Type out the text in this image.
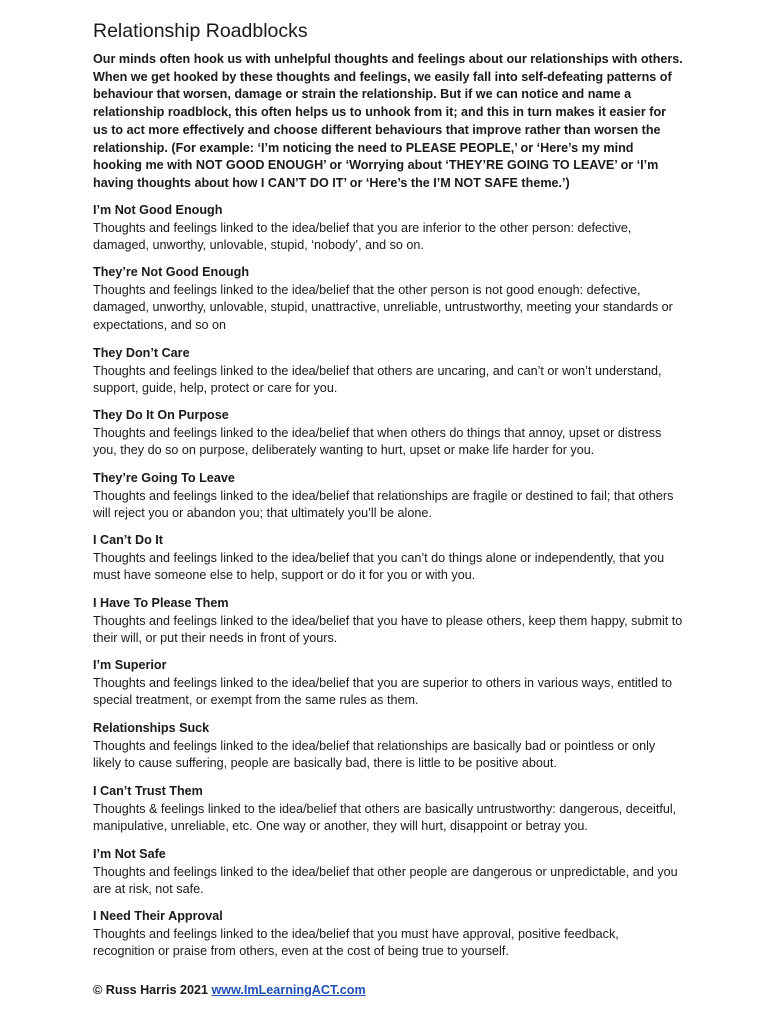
Relationship Roadblocks
Our minds often hook us with unhelpful thoughts and feelings about our relationships with others. When we get hooked by these thoughts and feelings, we easily fall into self-defeating patterns of behaviour that worsen, damage or strain the relationship. But if we can notice and name a relationship roadblock, this often helps us to unhook from it; and this in turn makes it easier for us to act more effectively and choose different behaviours that improve rather than worsen the relationship. (For example: ‘I’m noticing the need to PLEASE PEOPLE,’ or ‘Here’s my mind hooking me with NOT GOOD ENOUGH’ or ‘Worrying about ‘THEY’RE GOING TO LEAVE’ or ‘I’m having thoughts about how I CAN’T DO IT’ or ‘Here’s the I’M NOT SAFE theme.’)
I’m Not Good Enough
Thoughts and feelings linked to the idea/belief that you are inferior to the other person: defective, damaged, unworthy, unlovable, stupid, ‘nobody’, and so on.
They’re Not Good Enough
Thoughts and feelings linked to the idea/belief that the other person is not good enough: defective, damaged, unworthy, unlovable, stupid, unattractive, unreliable, untrustworthy, meeting your standards or expectations, and so on
They Don’t Care
Thoughts and feelings linked to the idea/belief that others are uncaring, and can’t or won’t understand, support, guide, help, protect or care for you.
They Do It On Purpose
Thoughts and feelings linked to the idea/belief that when others do things that annoy, upset or distress you, they do so on purpose, deliberately wanting to hurt, upset or make life harder for you.
They’re Going To Leave
Thoughts and feelings linked to the idea/belief that relationships are fragile or destined to fail; that others will reject you or abandon you; that ultimately you’ll be alone.
I Can’t Do It
Thoughts and feelings linked to the idea/belief that you can’t do things alone or independently, that you must have someone else to help, support or do it for you or with you.
I Have To Please Them
Thoughts and feelings linked to the idea/belief that you have to please others, keep them happy, submit to their will, or put their needs in front of yours.
I’m Superior
Thoughts and feelings linked to the idea/belief that you are superior to others in various ways, entitled to special treatment, or exempt from the same rules as them.
Relationships Suck
Thoughts and feelings linked to the idea/belief that relationships are basically bad or pointless or only likely to cause suffering, people are basically bad, there is little to be positive about.
I Can’t Trust Them
Thoughts & feelings linked to the idea/belief that others are basically untrustworthy: dangerous, deceitful, manipulative, unreliable, etc. One way or another, they will hurt, disappoint or betray you.
I’m Not Safe
Thoughts and feelings linked to the idea/belief that other people are dangerous or unpredictable, and you are at risk, not safe.
I Need Their Approval
Thoughts and feelings linked to the idea/belief that you must have approval, positive feedback, recognition or praise from others, even at the cost of being true to yourself.
© Russ Harris 2021 www.ImLearningACT.com
